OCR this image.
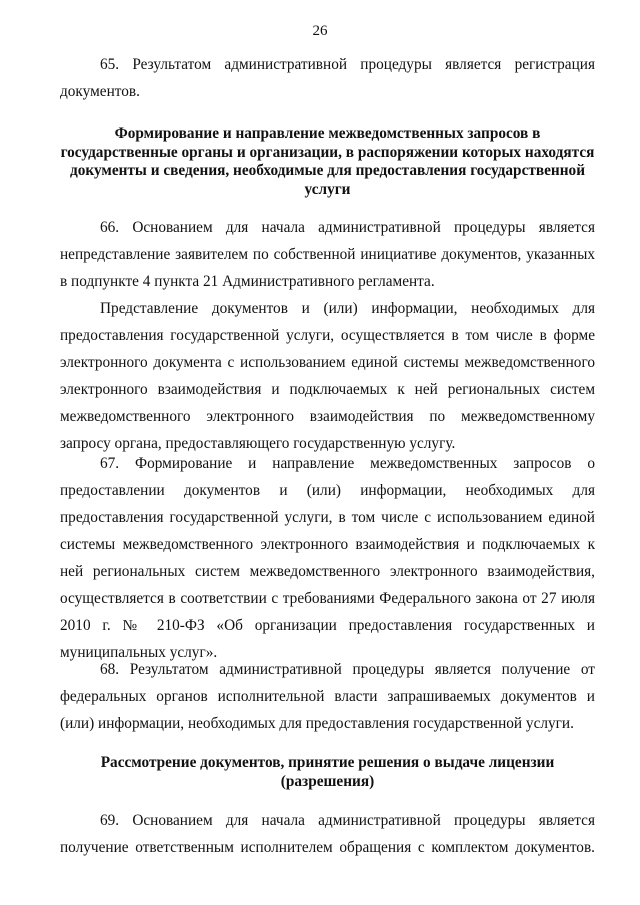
26

65. Результатом административной процедуры является регистрация документов.

Формирование и направление межведомственных запросов в государственные органы и организации, в распоряжении которых находятся документы и сведения, необходимые для предоставления государственной услуги

66. Основанием для начала административной процедуры является непредставление заявителем по собственной инициативе документов, указанных в подпункте 4 пункта 21 Административного регламента.

Представление документов и (или) информации, необходимых для предоставления государственной услуги, осуществляется в том числе в форме электронного документа с использованием единой системы межведомственного электронного взаимодействия и подключаемых к ней региональных систем межведомственного электронного взаимодействия по межведомственному запросу органа, предоставляющего государственную услугу.

67. Формирование и направление межведомственных запросов о предоставлении документов и (или) информации, необходимых для предоставления государственной услуги, в том числе с использованием единой системы межведомственного электронного взаимодействия и подключаемых к ней региональных систем межведомственного электронного взаимодействия, осуществляется в соответствии с требованиями Федерального закона от 27 июля 2010 г. № 210-ФЗ «Об организации предоставления государственных и муниципальных услуг».

68. Результатом административной процедуры является получение от федеральных органов исполнительной власти запрашиваемых документов и (или) информации, необходимых для предоставления государственной услуги.

Рассмотрение документов, принятие решения о выдаче лицензии (разрешения)

69. Основанием для начала административной процедуры является получение ответственным исполнителем обращения с комплектом документов.
